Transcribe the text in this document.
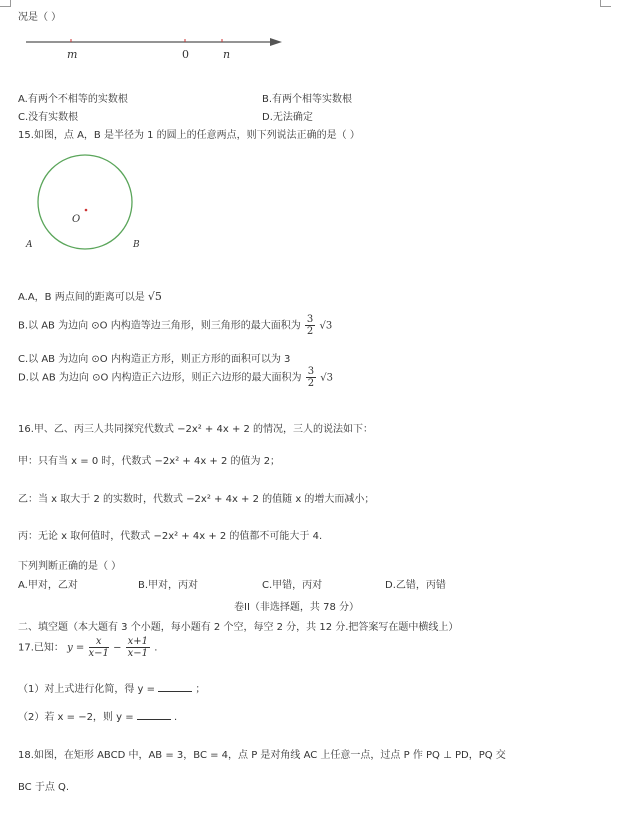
况是（ ）
m	0	n
A.有两个不相等的实数根	B.有两个相等实数根
C.没有实数根	D.无法确定
15.如图，点 A，B 是半径为 1 的圆上的任意两点，则下列说法正确的是（ ）
O
A	B
A.A，B 两点间的距离可以是 √5
B.以 AB 为边向 ⊙O 内构造等边三角形，则三角形的最大面积为 $\frac{3}{2} √3$
C.以 AB 为边向 ⊙O 内构造正方形，则正方形的面积可以为 3
D.以 AB 为边向 ⊙O 内构造正六边形，则正六边形的最大面积为 $\frac{3}{2} √3$
16.甲、乙、丙三人共同探究代数式 −2x² + 4x + 2 的情况，三人的说法如下：
甲：只有当 x = 0 时，代数式 −2x² + 4x + 2 的值为 2；
乙：当 x 取大于 2 的实数时，代数式 −2x² + 4x + 2 的值随 x 的增大而减小；
丙：无论 x 取何值时，代数式 −2x² + 4x + 2 的值都不可能大于 4.
下列判断正确的是（ ）
A.甲对，乙对	B.甲对，丙对	C.甲错，丙对	D.乙错，丙错
卷II（非选择题，共 78 分）
二、填空题（本大题有 3 个小题，每小题有 2 个空，每空 2 分，共 12 分.把答案写在题中横线上）
17.已知： $y = \frac{x}{x-1} - \frac{x+1}{x-1}$ .
（1）对上式进行化简，得 y =	；
（2）若 x = −2，则 y =	.
18.如图，在矩形 ABCD 中，AB = 3，BC = 4，点 P 是对角线 AC 上任意一点，过点 P 作 PQ ⊥ PD，PQ 交
BC 于点 Q.
